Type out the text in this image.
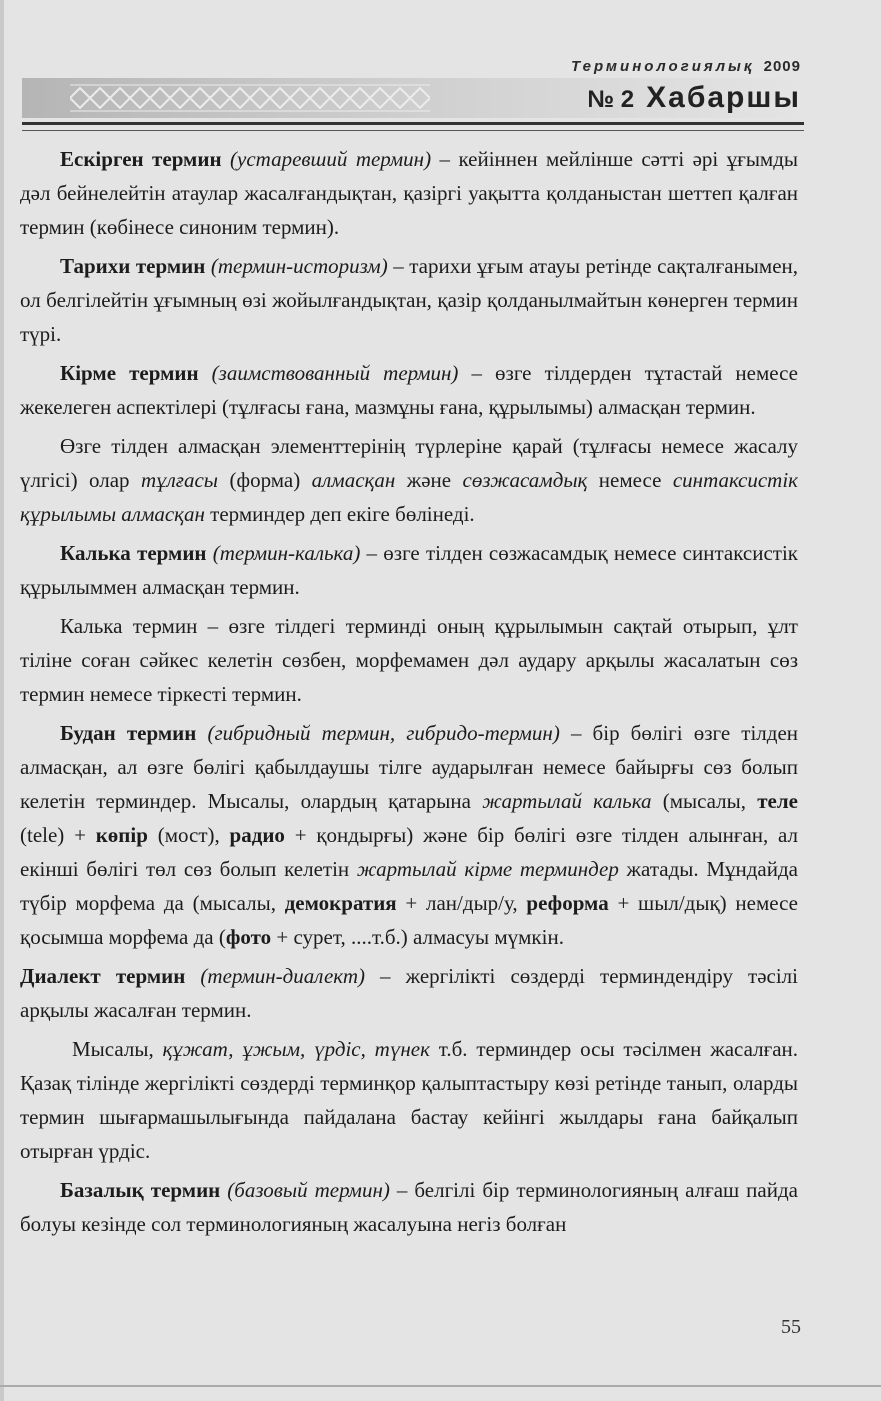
Терминологиялық 2009
№ 2 Хабаршы

Ескірген термин (устаревший термин) – кейіннен мейлінше сәтті әрі ұғымды дәл бейнелейтін атаулар жасалғандықтан, қазіргі уақытта қолданыстан шеттеп қалған термин (көбінесе синоним термин).

Тарихи термин (термин-историзм) – тарихи ұғым атауы ретінде сақталғанымен, ол белгілейтін ұғымның өзі жойылғандықтан, қазір қолданылмайтын көнерген термин түрі.

Кірме термин (заимствованный термин) – өзге тілдерден тұтастай немесе жекелеген аспектілері (тұлғасы ғана, мазмұны ғана, құрылымы) алмасқан термин.

Өзге тілден алмасқан элементтерінің түрлеріне қарай (тұлғасы немесе жасалу үлгісі) олар тұлғасы (форма) алмасқан және сөзжасамдық немесе синтаксистік құрылымы алмасқан терминдер деп екіге бөлінеді.

Калька термин (термин-калька) – өзге тілден сөзжасамдық немесе синтаксистік құрылыммен алмасқан термин.

Калька термин – өзге тілдегі терминді оның құрылымын сақтай отырып, ұлт тіліне соған сәйкес келетін сөзбен, морфемамен дәл аудару арқылы жасалатын сөз термин немесе тіркесті термин.

Будан термин (гибридный термин, гибридо-термин) – бір бөлігі өзге тілден алмасқан, ал өзге бөлігі қабылдаушы тілге аударылған немесе байырғы сөз болып келетін терминдер. Мысалы, олардың қатарына жартылай калька (мысалы, теле (tele) + көпір (мост), радио + қондырғы) және бір бөлігі өзге тілден алынған, ал екінші бөлігі төл сөз болып келетін жартылай кірме терминдер жатады. Мұндайда түбір морфема да (мысалы, демократия + лан/дыр/у, реформа + шыл/дық) немесе қосымша морфема да (фото + сурет, ....т.б.) алмасуы мүмкін.

Диалект термин (термин-диалект) – жергілікті сөздерді терминдендіру тәсілі арқылы жасалған термин.

Мысалы, құжат, ұжым, үрдіс, түнек т.б. терминдер осы тәсілмен жасалған. Қазақ тілінде жергілікті сөздерді терминқор қалыптастыру көзі ретінде танып, оларды термин шығармашылығында пайдалана бастау кейінгі жылдары ғана байқалып отырған үрдіс.

Базалық термин (базовый термин) – белгілі бір терминологияның алғаш пайда болуы кезінде сол терминологияның жасалуына негіз болған

55
